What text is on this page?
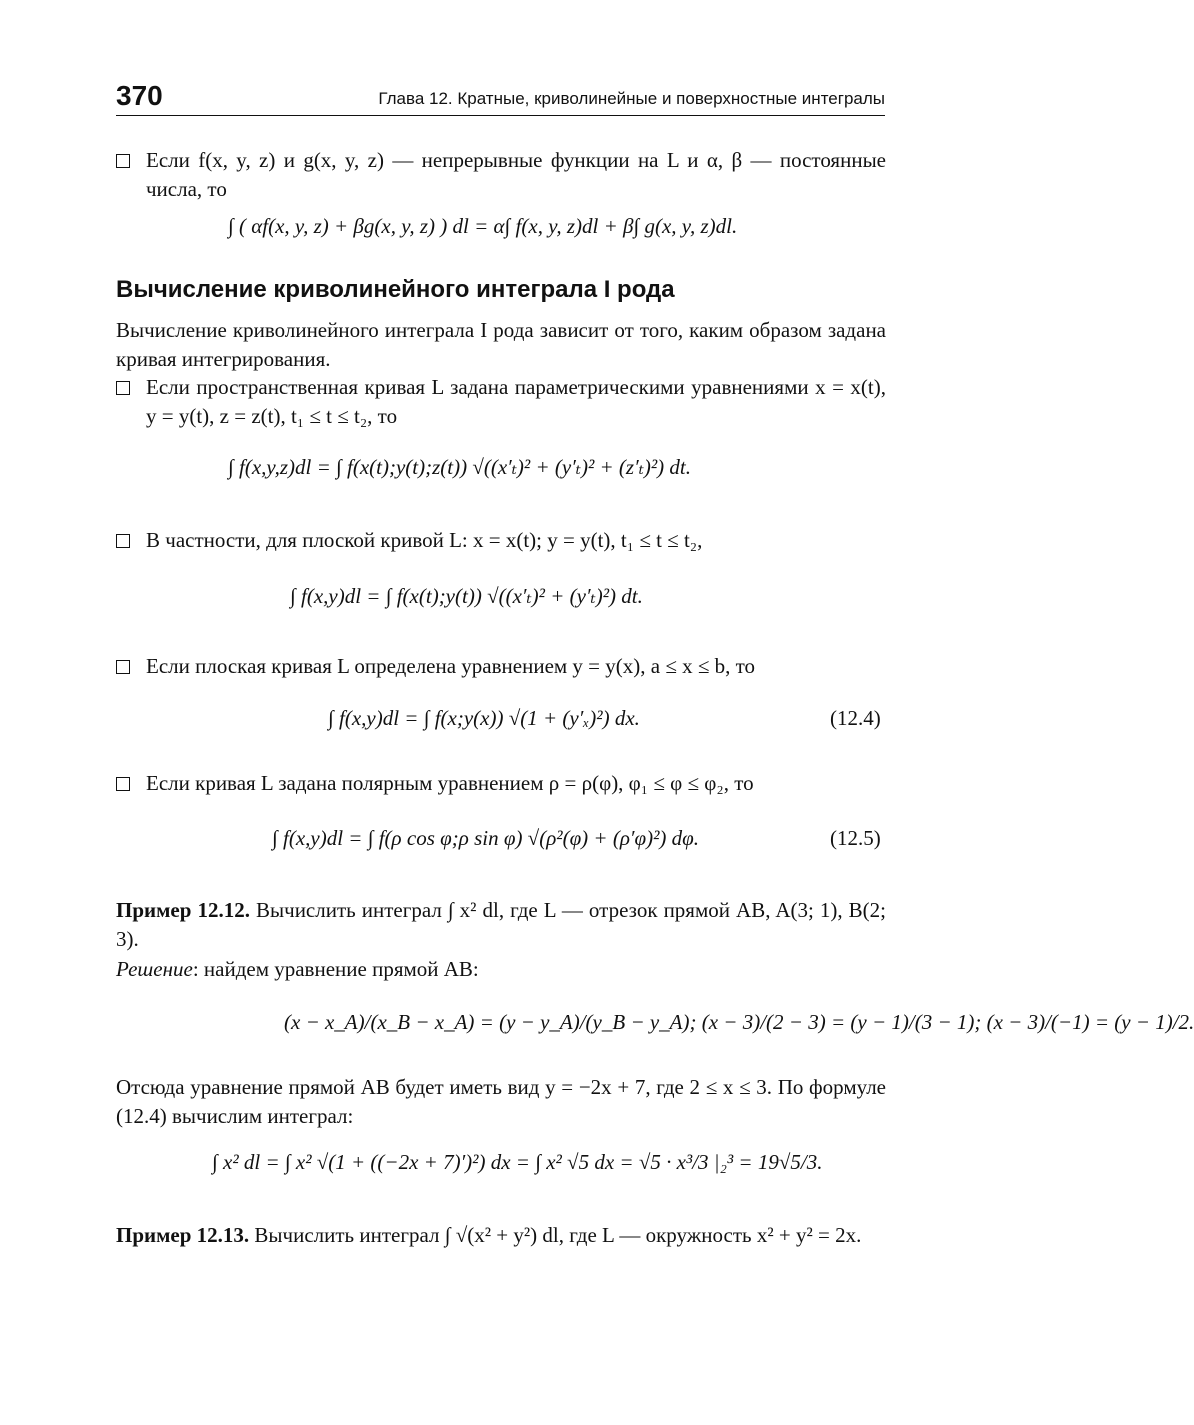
370	Глава 12. Кратные, криволинейные и поверхностные интегралы
Если f(x, y, z) и g(x, y, z) — непрерывные функции на L и α, β — постоянные числа, то
∫ ( αf(x, y, z) + βg(x, y, z) ) dl = α∫ f(x, y, z)dl + β∫ g(x, y, z)dl.
Вычисление криволинейного интеграла I рода
Вычисление криволинейного интеграла I рода зависит от того, каким образом задана кривая интегрирования.
Если пространственная кривая L задана параметрическими уравнениями x = x(t), y = y(t), z = z(t), t₁ ≤ t ≤ t₂, то
∫ f(x,y,z)dl = ∫ f(x(t);y(t);z(t)) √((x′ₜ)² + (y′ₜ)² + (z′ₜ)²) dt.
В частности, для плоской кривой L: x = x(t); y = y(t), t₁ ≤ t ≤ t₂,
∫ f(x,y)dl = ∫ f(x(t);y(t)) √((x′ₜ)² + (y′ₜ)²) dt.
Если плоская кривая L определена уравнением y = y(x), a ≤ x ≤ b, то
∫ f(x,y)dl = ∫ f(x;y(x)) √(1 + (y′ₓ)²) dx.	(12.4)
Если кривая L задана полярным уравнением ρ = ρ(φ), φ₁ ≤ φ ≤ φ₂, то
∫ f(x,y)dl = ∫ f(ρ cos φ;ρ sin φ) √(ρ²(φ) + (ρ′φ)²) dφ.	(12.5)
Пример 12.12. Вычислить интеграл ∫ x² dl, где L — отрезок прямой AB, A(3; 1), B(2; 3).
Решение: найдем уравнение прямой AB:
(x − x_A)/(x_B − x_A) = (y − y_A)/(y_B − y_A); (x − 3)/(2 − 3) = (y − 1)/(3 − 1); (x − 3)/(−1) = (y − 1)/2.
Отсюда уравнение прямой AB будет иметь вид y = −2x + 7, где 2 ≤ x ≤ 3. По формуле (12.4) вычислим интеграл:
∫ x² dl = ∫ x² √(1 + ((−2x + 7)′)²) dx = ∫ x² √5 dx = √5 · x³/3 |₂³ = 19√5/3.
Пример 12.13. Вычислить интеграл ∫ √(x² + y²) dl, где L — окружность x² + y² = 2x.
